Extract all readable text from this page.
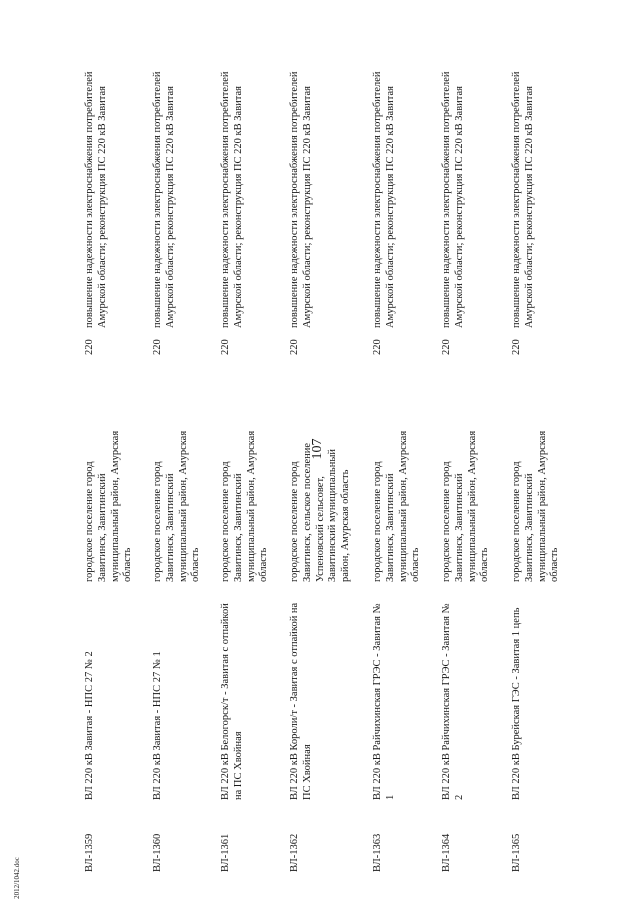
107
ВЛ-1359
ВЛ 220 кВ Завитая - НПС 27 № 2
городское поселение город Завитинск, Завитинский муниципальный район, Амурская область
220
повышение надежности электроснабжения потребителей Амурской области; реконструкция ПС 220 кВ Завитая
ВЛ-1360
ВЛ 220 кВ Завитая - НПС 27 № 1
городское поселение город Завитинск, Завитинский муниципальный район, Амурская область
220
повышение надежности электроснабжения потребителей Амурской области; реконструкция ПС 220 кВ Завитая
ВЛ-1361
ВЛ 220 кВ Белогорск/т - Завитая с отпайкой на ПС Хвойная
городское поселение город Завитинск, Завитинский муниципальный район, Амурская область
220
повышение надежности электроснабжения потребителей Амурской области; реконструкция ПС 220 кВ Завитая
ВЛ-1362
ВЛ 220 кВ Короли/т - Завитая с отпайкой на ПС Хвойная
городское поселение город Завитинск, сельское поселение Успеновский сельсовет, Завитинский муниципальный район, Амурская область
220
повышение надежности электроснабжения потребителей Амурской области; реконструкция ПС 220 кВ Завитая
ВЛ-1363
ВЛ 220 кВ Райчихинская ГРЭС - Завитая № 1
городское поселение город Завитинск, Завитинский муниципальный район, Амурская область
220
повышение надежности электроснабжения потребителей Амурской области; реконструкция ПС 220 кВ Завитая
ВЛ-1364
ВЛ 220 кВ Райчихинская ГРЭС - Завитая № 2
городское поселение город Завитинск, Завитинский муниципальный район, Амурская область
220
повышение надежности электроснабжения потребителей Амурской области; реконструкция ПС 220 кВ Завитая
ВЛ-1365
ВЛ 220 кВ Бурейская ГЭС - Завитая 1 цепь
городское поселение город Завитинск, Завитинский муниципальный район, Амурская область
220
повышение надежности электроснабжения потребителей Амурской области; реконструкция ПС 220 кВ Завитая
2012/1042.doc
